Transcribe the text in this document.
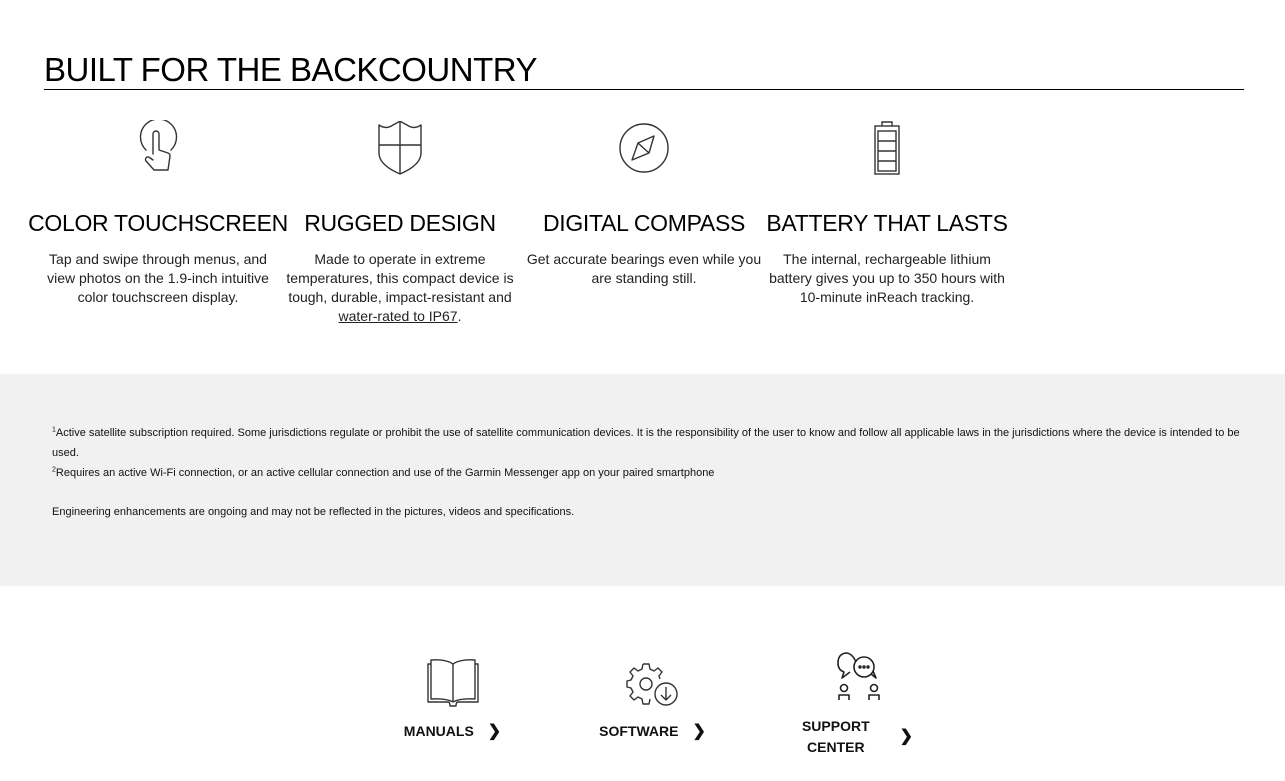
BUILT FOR THE BACKCOUNTRY
COLOR TOUCHSCREEN

Tap and swipe through menus, and view photos on the 1.9-inch intuitive color touchscreen display.

RUGGED DESIGN

Made to operate in extreme temperatures, this compact device is tough, durable, impact-resistant and water-rated to IP67.

DIGITAL COMPASS

Get accurate bearings even while you are standing still.

BATTERY THAT LASTS

The internal, rechargeable lithium battery gives you up to 350 hours with 10-minute inReach tracking.

$^1$Active satellite subscription required. Some jurisdictions regulate or prohibit the use of satellite communication devices. It is the responsibility of the user to know and follow all applicable laws in the jurisdictions where the device is intended to be used.
$^2$Requires an active Wi-Fi connection, or an active cellular connection and use of the Garmin Messenger app on your paired smartphone
Engineering enhancements are ongoing and may not be reflected in the pictures, videos and specifications.
MANUALS ❯	SOFTWARE ❯	SUPPORT
CENTER
❯
